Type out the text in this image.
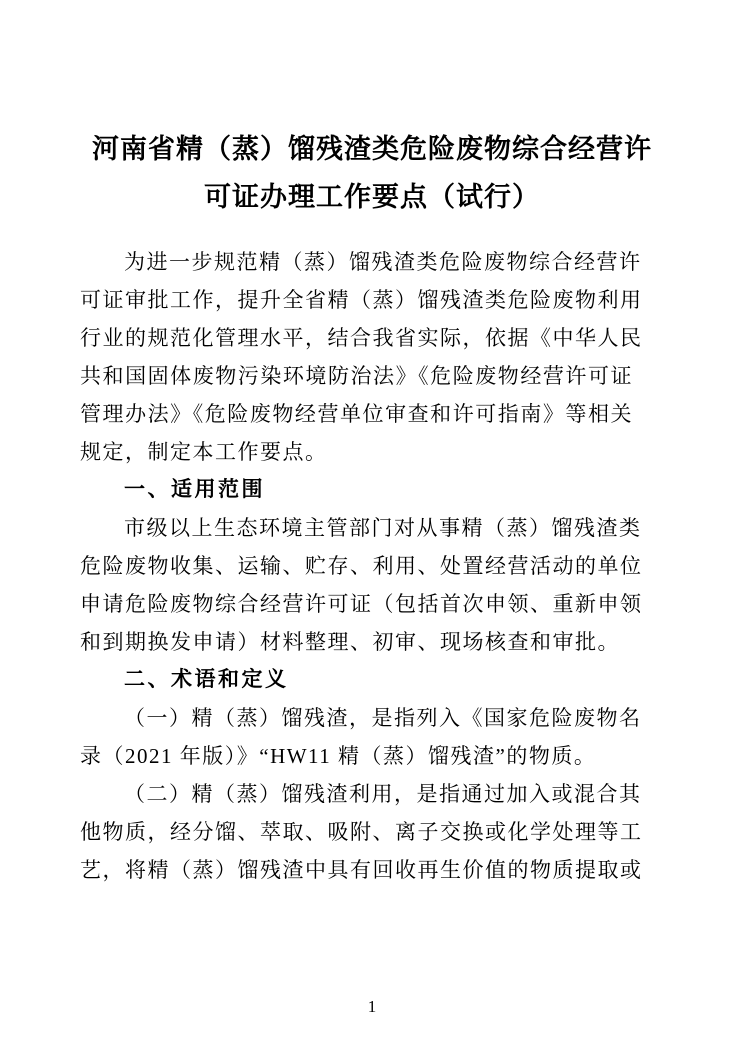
河南省精（蒸）馏残渣类危险废物综合经营许
可证办理工作要点（试行）
为进一步规范精（蒸）馏残渣类危险废物综合经营许
可证审批工作，提升全省精（蒸）馏残渣类危险废物利用
行业的规范化管理水平，结合我省实际，依据《中华人民
共和国固体废物污染环境防治法》《危险废物经营许可证
管理办法》《危险废物经营单位审查和许可指南》等相关
规定，制定本工作要点。
一、适用范围
市级以上生态环境主管部门对从事精（蒸）馏残渣类
危险废物收集、运输、贮存、利用、处置经营活动的单位
申请危险废物综合经营许可证（包括首次申领、重新申领
和到期换发申请）材料整理、初审、现场核查和审批。
二、术语和定义
（一）精（蒸）馏残渣，是指列入《国家危险废物名
录（2021 年版）》“HW11 精（蒸）馏残渣”的物质。
（二）精（蒸）馏残渣利用，是指通过加入或混合其
他物质，经分馏、萃取、吸附、离子交换或化学处理等工
艺，将精（蒸）馏残渣中具有回收再生价值的物质提取或
1
